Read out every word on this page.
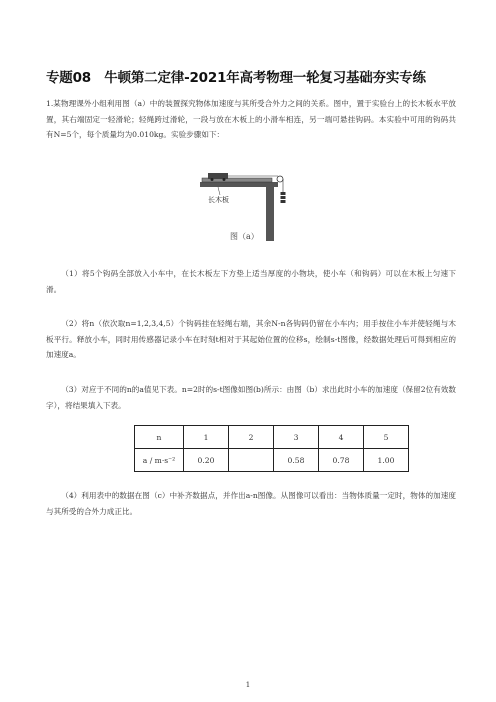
专题08　牛顿第二定律-2021年高考物理一轮复习基础夯实专练
1.某物理课外小组利用图（a）中的装置探究物体加速度与其所受合外力之间的关系。图中，置于实验台上的长木板水平放置，其右端固定一轻滑轮；轻绳跨过滑轮，一段与放在木板上的小滑车相连，另一端可悬挂钩码。本实验中可用的钩码共有N=5个，每个质量均为0.010kg。实验步骤如下：
长木板
图（a）
（1）将5个钩码全部放入小车中，在长木板左下方垫上适当厚度的小物块，使小车（和钩码）可以在木板上匀速下滑。
（2）将n（依次取n=1,2,3,4,5）个钩码挂在轻绳右端，其余N-n各钩码仍留在小车内；用手按住小车并使轻绳与木板平行。释放小车，同时用传感器记录小车在时刻t相对于其起始位置的位移s，绘制s-t图像，经数据处理后可得到相应的加速度a。
（3）对应于不同的n的a值见下表。n=2时的s-t图像如图(b)所示：由图（b）求出此时小车的加速度（保留2位有效数字），将结果填入下表。
n	1	2	3	4	5
a / m·s⁻²	0.20		0.58	0.78	1.00
（4）利用表中的数据在图（c）中补齐数据点，并作出a-n图像。从图像可以看出：当物体质量一定时，物体的加速度与其所受的合外力成正比。
1
